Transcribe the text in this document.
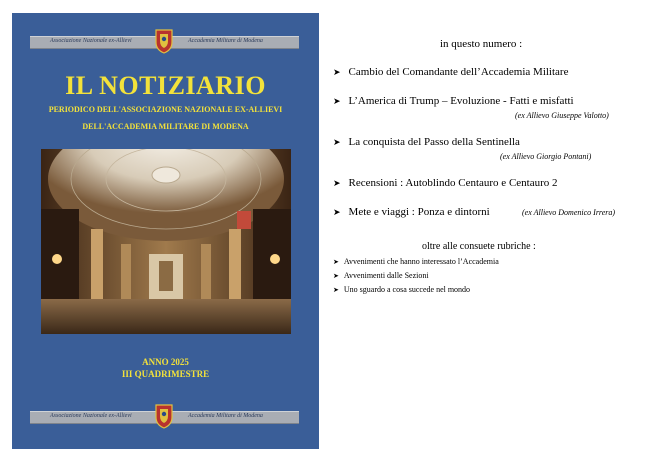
Associazione Nazionale ex-Allievi	Accademia Militare di Modena
IL NOTIZIARIO
PERIODICO DELL'ASSOCIAZIONE NAZIONALE EX-ALLIEVI
DELL'ACCADEMIA MILITARE DI MODENA
ANNO 2025
III QUADRIMESTRE
Associazione Nazionale ex-Allievi	Accademia Militare di Modena
in questo numero :
➤ Cambio del Comandante dell’Accademia Militare
➤ L’America di Trump – Evoluzione - Fatti e misfatti
(ex Allievo Giuseppe Valotto)
➤ La conquista del Passo della Sentinella
(ex Allievo Giorgio Pontani)
➤ Recensioni : Autoblindo Centauro e Centauro 2
➤ Mete e viaggi : Ponza e dintorni	(ex Allievo Domenico Irrera)
oltre alle consuete rubriche :
➤ Avvenimenti che hanno interessato l’Accademia
➤ Avvenimenti dalle Sezioni
➤ Uno sguardo a cosa succede nel mondo
